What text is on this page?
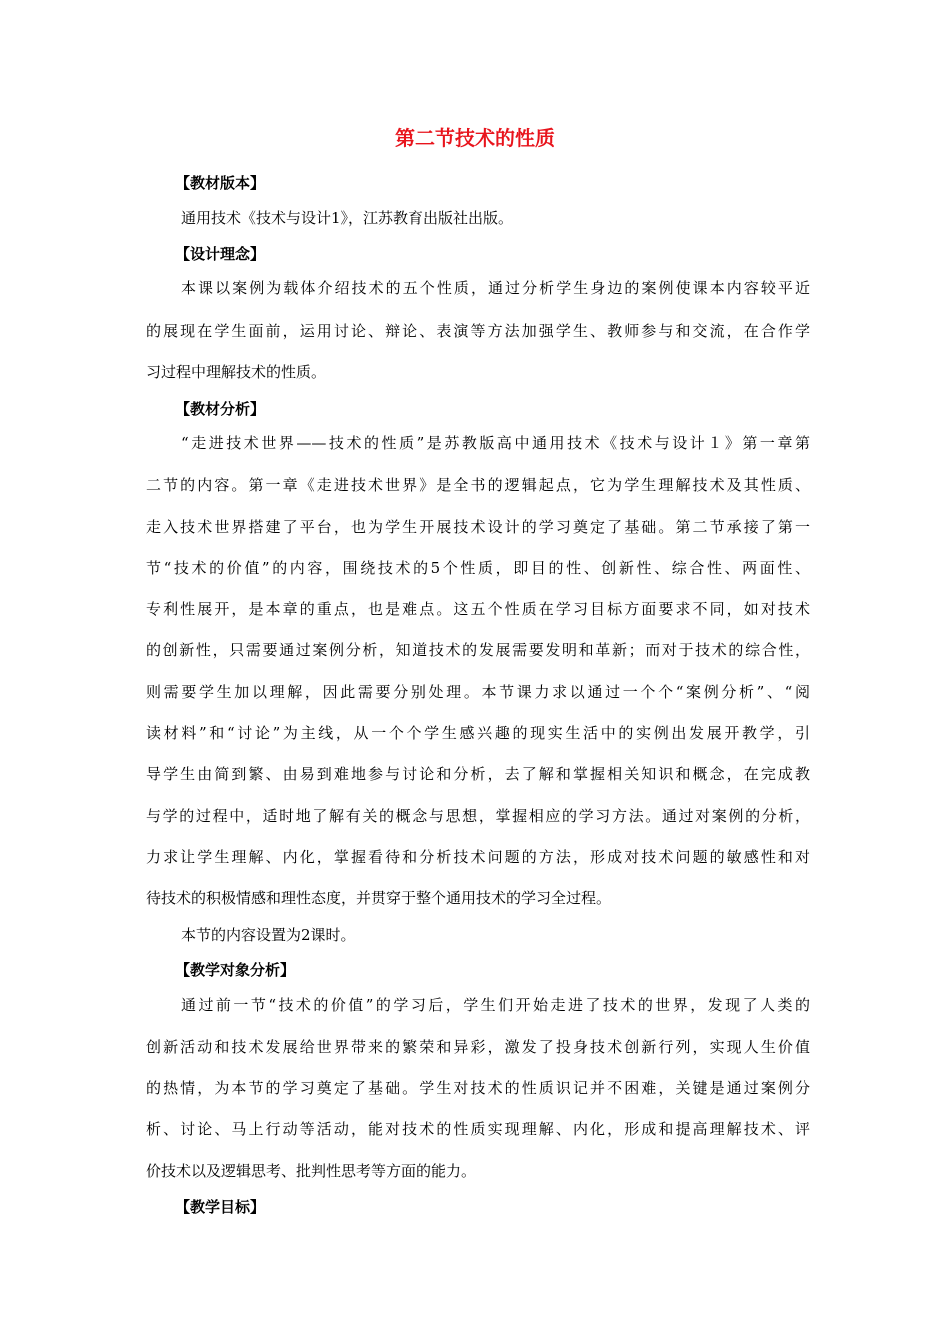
第二节技术的性质
【教材版本】
通用技术《技术与设计1》，江苏教育出版社出版。
【设计理念】
本课以案例为载体介绍技术的五个性质，通过分析学生身边的案例使课本内容较平近
的展现在学生面前，运用讨论、辩论、表演等方法加强学生、教师参与和交流，在合作学
习过程中理解技术的性质。
【教材分析】
“走进技术世界——技术的性质”是苏教版高中通用技术《技术与设计１》第一章第
二节的内容。第一章《走进技术世界》是全书的逻辑起点，它为学生理解技术及其性质、
走入技术世界搭建了平台，也为学生开展技术设计的学习奠定了基础。第二节承接了第一
节“技术的价值”的内容，围绕技术的5个性质，即目的性、创新性、综合性、两面性、
专利性展开，是本章的重点，也是难点。这五个性质在学习目标方面要求不同，如对技术
的创新性，只需要通过案例分析，知道技术的发展需要发明和革新；而对于技术的综合性，
则需要学生加以理解，因此需要分别处理。本节课力求以通过一个个“案例分析”、“阅
读材料”和“讨论”为主线，从一个个学生感兴趣的现实生活中的实例出发展开教学，引
导学生由简到繁、由易到难地参与讨论和分析，去了解和掌握相关知识和概念，在完成教
与学的过程中，适时地了解有关的概念与思想，掌握相应的学习方法。通过对案例的分析，
力求让学生理解、内化，掌握看待和分析技术问题的方法，形成对技术问题的敏感性和对
待技术的积极情感和理性态度，并贯穿于整个通用技术的学习全过程。
本节的内容设置为2课时。
【教学对象分析】
通过前一节“技术的价值”的学习后，学生们开始走进了技术的世界，发现了人类的
创新活动和技术发展给世界带来的繁荣和异彩，激发了投身技术创新行列，实现人生价值
的热情，为本节的学习奠定了基础。学生对技术的性质识记并不困难，关键是通过案例分
析、讨论、马上行动等活动，能对技术的性质实现理解、内化，形成和提高理解技术、评
价技术以及逻辑思考、批判性思考等方面的能力。
【教学目标】
